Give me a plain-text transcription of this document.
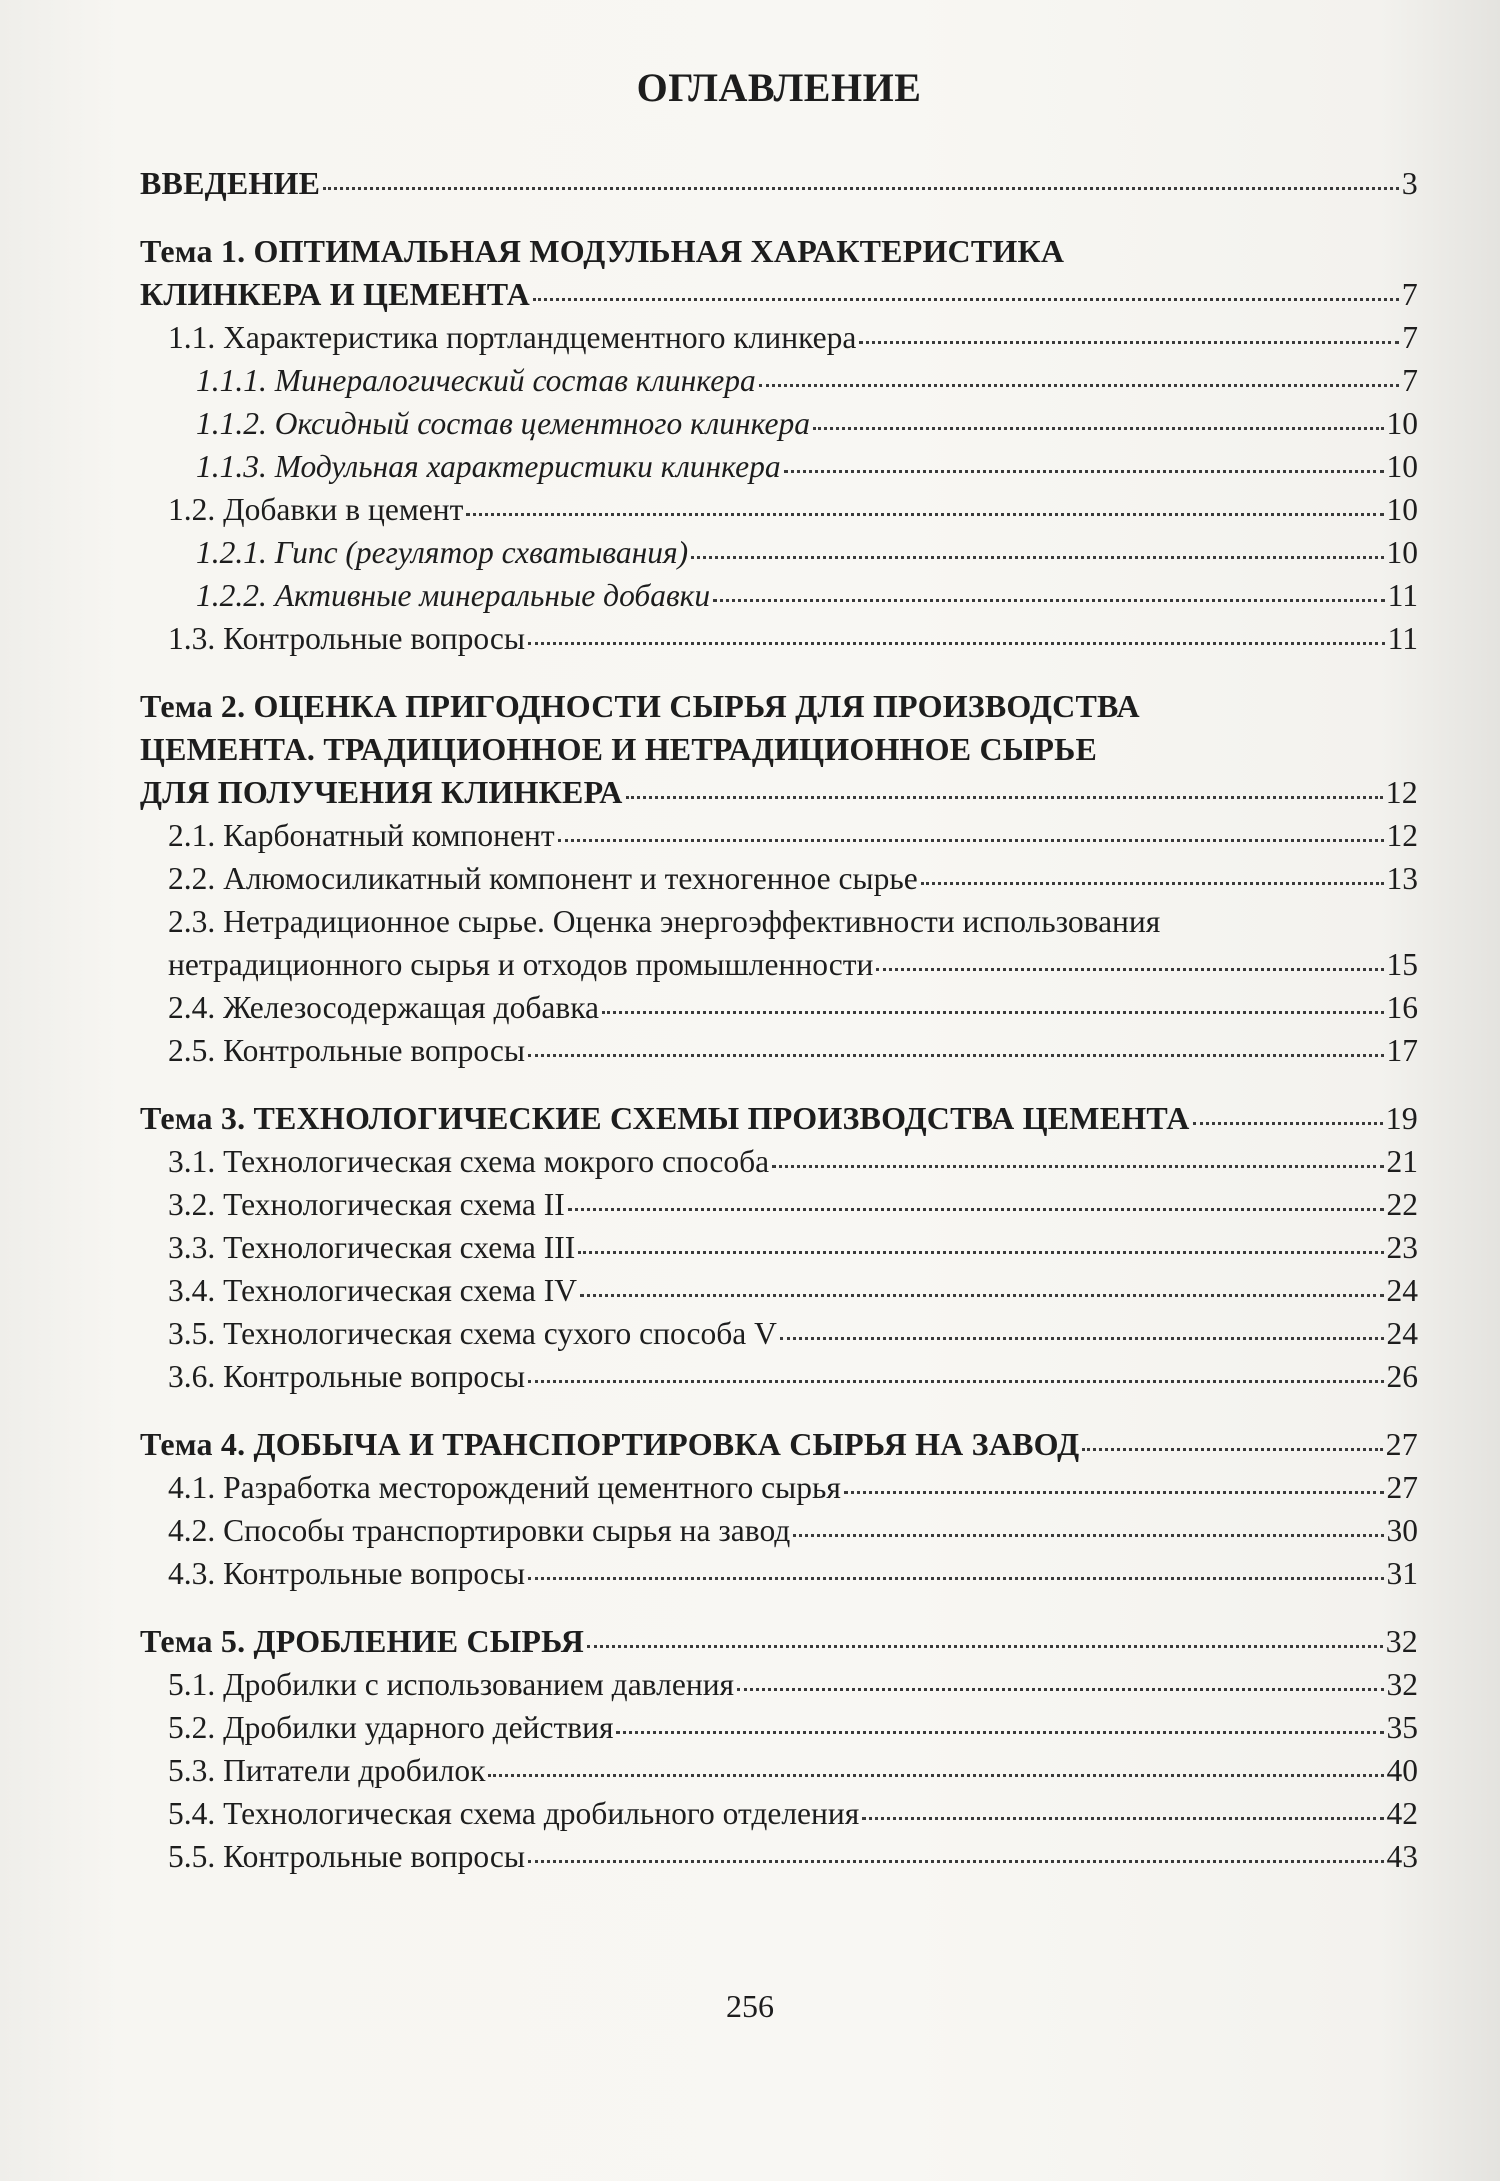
ОГЛАВЛЕНИЕ
ВВЕДЕНИЕ	3
Тема 1. ОПТИМАЛЬНАЯ МОДУЛЬНАЯ ХАРАКТЕРИСТИКА
КЛИНКЕРА И ЦЕМЕНТА	7
1.1. Характеристика портландцементного клинкера	7
1.1.1. Минералогический состав клинкера	7
1.1.2. Оксидный состав цементного клинкера	10
1.1.3. Модульная характеристики клинкера	10
1.2. Добавки в цемент	10
1.2.1. Гипс (регулятор схватывания)	10
1.2.2. Активные минеральные добавки	11
1.3. Контрольные вопросы	11
Тема 2. ОЦЕНКА ПРИГОДНОСТИ СЫРЬЯ ДЛЯ ПРОИЗВОДСТВА
ЦЕМЕНТА. ТРАДИЦИОННОЕ И НЕТРАДИЦИОННОЕ СЫРЬЕ
ДЛЯ ПОЛУЧЕНИЯ КЛИНКЕРА	12
2.1. Карбонатный компонент	12
2.2. Алюмосиликатный компонент и техногенное сырье	13
2.3. Нетрадиционное сырье. Оценка энергоэффективности использования
нетрадиционного сырья и отходов промышленности	15
2.4. Железосодержащая добавка	16
2.5. Контрольные вопросы	17
Тема 3. ТЕХНОЛОГИЧЕСКИЕ СХЕМЫ ПРОИЗВОДСТВА ЦЕМЕНТА	19
3.1. Технологическая схема мокрого способа	21
3.2. Технологическая схема II	22
3.3. Технологическая схема III	23
3.4. Технологическая схема IV	24
3.5. Технологическая схема сухого способа V	24
3.6. Контрольные вопросы	26
Тема 4. ДОБЫЧА И ТРАНСПОРТИРОВКА СЫРЬЯ НА ЗАВОД	27
4.1. Разработка месторождений цементного сырья	27
4.2. Способы транспортировки сырья на завод	30
4.3. Контрольные вопросы	31
Тема 5. ДРОБЛЕНИЕ СЫРЬЯ	32
5.1. Дробилки с использованием давления	32
5.2. Дробилки ударного действия	35
5.3. Питатели дробилок	40
5.4. Технологическая схема дробильного отделения	42
5.5. Контрольные вопросы	43
256
